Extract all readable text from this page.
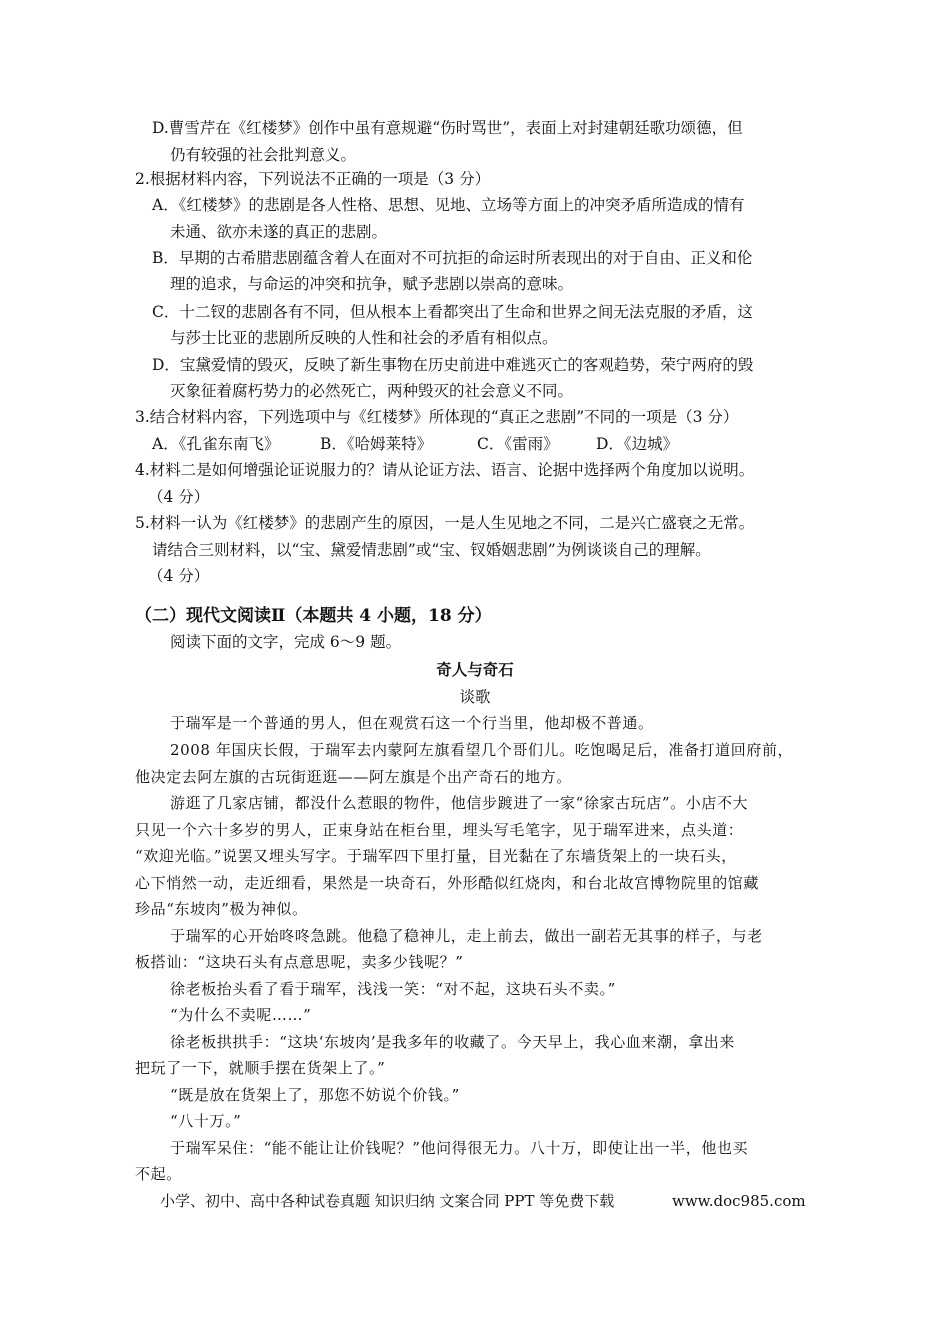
D.曹雪芹在《红楼梦》创作中虽有意规避“伤时骂世”，表面上对封建朝廷歌功颂德，但
仍有较强的社会批判意义。
2.根据材料内容，下列说法不正确的一项是（3 分）
A．《红楼梦》的悲剧是各人性格、思想、见地、立场等方面上的冲突矛盾所造成的情有
未通、欲亦未遂的真正的悲剧。
B．早期的古希腊悲剧蕴含着人在面对不可抗拒的命运时所表现出的对于自由、正义和伦
理的追求，与命运的冲突和抗争，赋予悲剧以崇高的意味。
C．十二钗的悲剧各有不同，但从根本上看都突出了生命和世界之间无法克服的矛盾，这
与莎士比亚的悲剧所反映的人性和社会的矛盾有相似点。
D．宝黛爱情的毁灭，反映了新生事物在历史前进中难逃灭亡的客观趋势，荣宁两府的毁
灭象征着腐朽势力的必然死亡，两种毁灭的社会意义不同。
3.结合材料内容，下列选项中与《红楼梦》所体现的“真正之悲剧”不同的一项是（3 分）
A．《孔雀东南飞》	B．《哈姆莱特》	C．《雷雨》 D．《边城》
4.材料二是如何增强论证说服力的？请从论证方法、语言、论据中选择两个角度加以说明。
（4 分）
5.材料一认为《红楼梦》的悲剧产生的原因，一是人生见地之不同，二是兴亡盛衰之无常。
请结合三则材料，以“宝、黛爱情悲剧”或“宝、钗婚姻悲剧”为例谈谈自己的理解。
（4 分）
（二）现代文阅读Ⅱ（本题共 4 小题，18 分）
阅读下面的文字，完成 6～9 题。
奇人与奇石
谈歌
于瑞军是一个普通的男人，但在观赏石这一个行当里，他却极不普通。
2008 年国庆长假，于瑞军去内蒙阿左旗看望几个哥们儿。吃饱喝足后，准备打道回府前，
他决定去阿左旗的古玩街逛逛——阿左旗是个出产奇石的地方。
游逛了几家店铺，都没什么惹眼的物件，他信步踱进了一家“徐家古玩店”。小店不大
只见一个六十多岁的男人，正束身站在柜台里，埋头写毛笔字，见于瑞军进来，点头道：
“欢迎光临。”说罢又埋头写字。于瑞军四下里打量，目光黏在了东墙货架上的一块石头，
心下悄然一动，走近细看，果然是一块奇石，外形酷似红烧肉，和台北故宫博物院里的馆藏
珍品“东坡肉”极为神似。
于瑞军的心开始咚咚急跳。他稳了稳神儿，走上前去，做出一副若无其事的样子，与老
板搭讪：“这块石头有点意思呢，卖多少钱呢？”
徐老板抬头看了看于瑞军，浅浅一笑：“对不起，这块石头不卖。”
“为什么不卖呢……”
徐老板拱拱手：“这块‘东坡肉’是我多年的收藏了。今天早上，我心血来潮，拿出来
把玩了一下，就顺手摆在货架上了。”
“既是放在货架上了，那您不妨说个价钱。”
“八十万。”
于瑞军呆住：“能不能让让价钱呢？”他问得很无力。八十万，即使让出一半，他也买
不起。
小学、初中、高中各种试卷真题 知识归纳 文案合同 PPT 等免费下载	www.doc985.com
